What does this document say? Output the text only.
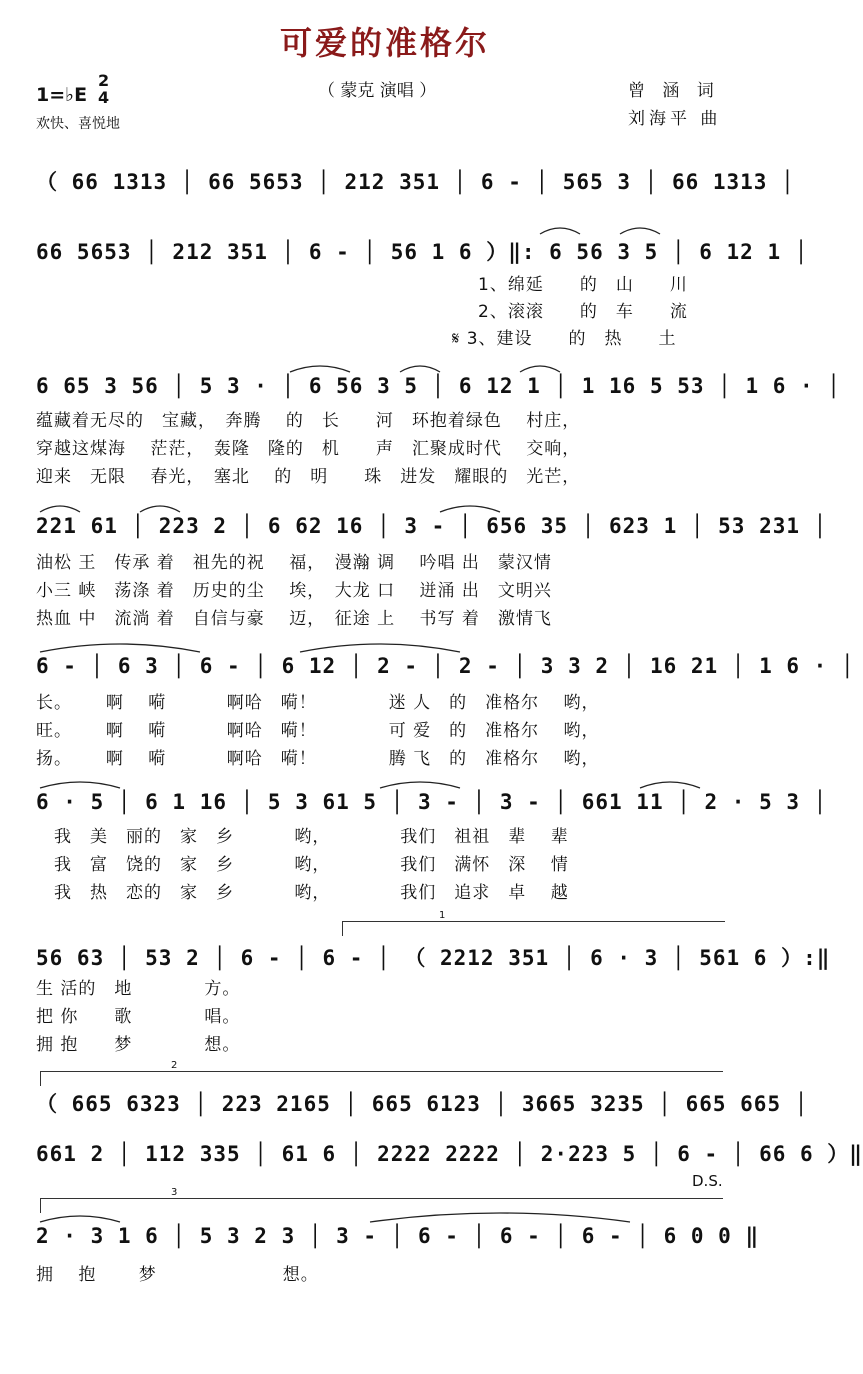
可爱的准格尔
1=♭E
2
4
欢快、喜悦地
（ 蒙克 演唱 ）	曾 涵 词
刘海平 曲
（ 66 1313 │ 66 5653 │ 212 351 │ 6 - │ 565 3 │ 66 1313 │
66 5653 │ 212 351 │ 6 - │ 56 1 6 ）‖: 6 56 3 5 │ 6 12 1 │
1、绵延　　的　山　　川
2、滚滚　　的　车　　流
𝄋 3、建设　　的　热　　土
6 65 3 56 │ 5 3 · │ 6 56 3 5 │ 6 12 1 │ 1 16 5 53 │ 1 6 · │
蕴藏着无尽的　宝藏，　奔腾　 的　长　　河　环抱着绿色　 村庄，
穿越这煤海　 茫茫，　轰隆　隆的　机　　声　汇聚成时代　 交响，
迎来　无限　 春光，　塞北　 的　明　　珠　进发　耀眼的　光芒，
221 61 │ 223 2 │ 6 62 16 │ 3 - │ 656 35 │ 623 1 │ 53 231 │
油松 王　传承 着　祖先的祝　 福，　漫瀚 调　 吟唱 出　蒙汉情
小三 峡　荡涤 着　历史的尘　 埃，　大龙 口　 迸涌 出　文明兴
热血 中　流淌 着　自信与豪　 迈，　征途 上　 书写 着　激情飞
6 - │ 6 3 │ 6 - │ 6 12 │ 2 - │ 2 - │ 3 3 2 │ 16 21 │ 1 6 · │
长。　　 啊　 嗬　　　 啊哈　嗬！　　　　迷 人　的　准格尔　 哟，
旺。　　 啊　 嗬　　　 啊哈　嗬！　　　　可 爱　的　准格尔　 哟，
扬。　　 啊　 嗬　　　 啊哈　嗬！　　　　腾 飞　的　准格尔　 哟，
6 · 5 │ 6 1 16 │ 5 3 61 5 │ 3 - │ 3 - │ 661 11 │ 2 · 5 3 │
　我　美　丽的　家　乡　　　 哟，　　　　 我们　祖祖　辈　 辈
　我　富　饶的　家　乡　　　 哟，　　　　 我们　满怀　深　 情
　我　热　恋的　家　乡　　　 哟，　　　　 我们　追求　卓　 越
1
56 63 │ 53 2 │ 6 - │ 6 - │ （ 2212 351 │ 6 · 3 │ 561 6 ）:‖
生 活的　地　　　　方。
把 你　　歌　　　　唱。
拥 抱　　梦　　　　想。
2
（ 665 6323 │ 223 2165 │ 665 6123 │ 3665 3235 │ 665 665 │
661 2 │ 112 335 │ 61 6 │ 2222 2222 │ 2·223 5 │ 6 - │ 66 6 ）‖
D.S.
3
2 · 3 1 6 │ 5 3 2 3 │ 3 - │ 6 - │ 6 - │ 6 - │ 6 0 0 ‖
拥　 抱　　 梦　　　　　　　想。
